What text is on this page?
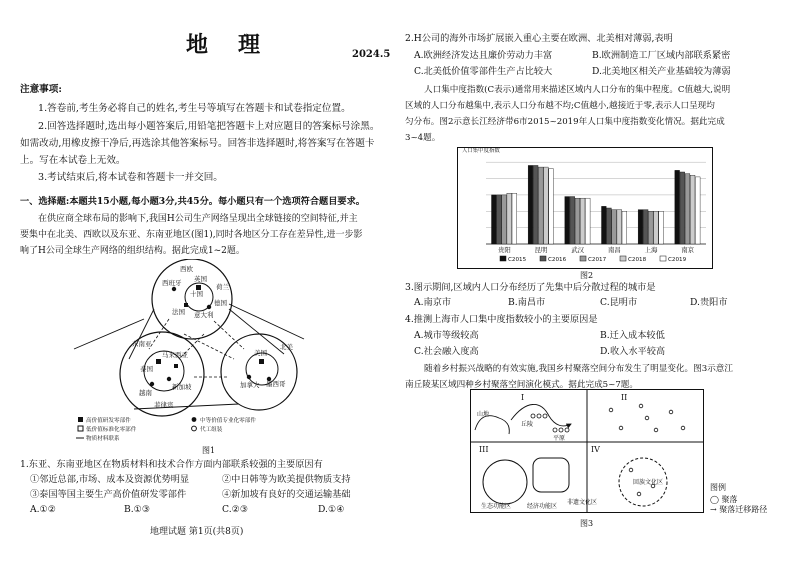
地理	2024.5
注意事项:
1.答卷前,考生务必将自己的姓名,考生号等填写在答题卡和试卷指定位置。
2.回答选择题时,选出每小题答案后,用铅笔把答题卡上对应题目的答案标号涂黑。
如需改动,用橡皮擦干净后,再选涂其他答案标号。回答非选择题时,将答案写在答题卡
上。写在本试卷上无效。
3.考试结束后,将本试卷和答题卡一并交回。
一、选择题:本题共15小题,每小题3分,共45分。每小题只有一个选项符合题目要求。
在供应商全球布局的影响下,我国H公司生产网络呈现出全球链接的空间特征,并主
要集中在北美、西欧以及东亚、东南亚地区(图1),同时各地区分工存在差异性,进一步影
响了H公司全球生产网络的组织结构。据此完成1~2题。
西欧
英国
西班牙
德国
法国 意大利
荷兰
十国
东南亚
马来西亚
泰国
新加坡
越南
菲律宾
北美
美国
墨西哥
加拿大
高价值研发零部件	中等价值专业化零部件
低价值标准化零部件	代工组装
物质材料联系
图1
1.东亚、东南亚地区在物质材料和技术合作方面内部联系较强的主要原因有
①邻近总部,市场、成本及资源优势明显	②中日韩等为欧美提供物质支持
③泰国等国主要生产高价值研发零部件	④新加坡有良好的交通运输基础
A.①②	B.①③	C.②③	D.①④
地理试题 第1页(共8页)
2.H公司的海外市场扩展嵌入重心主要在欧洲、北美相对薄弱,表明
A.欧洲经济发达且廉价劳动力丰富	B.欧洲制造工厂区域内部联系紧密
C.北美低价值零部件生产占比较大	D.北美地区相关产业基础较为薄弱
人口集中度指数(C表示)通常用来描述区域内人口分布的集中程度。C值越大,说明
区域的人口分布越集中,表示人口分布越不均;C值越小,越接近于零,表示人口呈现均
匀分布。图2示意长江经济带6市2015~2019年人口集中度指数变化情况。据此完成
3~4题。
人口集中度指数
贵阳	昆明	武汉	南昌	上海	南京
C2015	C2016	C2017	C2018	C2019
图2
3.图示期间,区域内人口分布经历了先集中后分散过程的城市是
A.南京市	B.南昌市	C.昆明市	D.贵阳市
4.推测上海市人口集中度指数较小的主要原因是
A.城市等级较高	B.迁入成本较低
C.社会融入度高	D.收入水平较高
随着乡村振兴战略的有效实施,我国乡村聚落空间分布发生了明显变化。图3示意江
南丘陵某区域四种乡村聚落空间演化模式。据此完成5~7题。
I	II
III	IV
山地
丘陵
平原
生态功能区	经济功能区
回族文化区
非遗文化区
图例
◯ 聚落
→ 聚落迁移路径
图3
